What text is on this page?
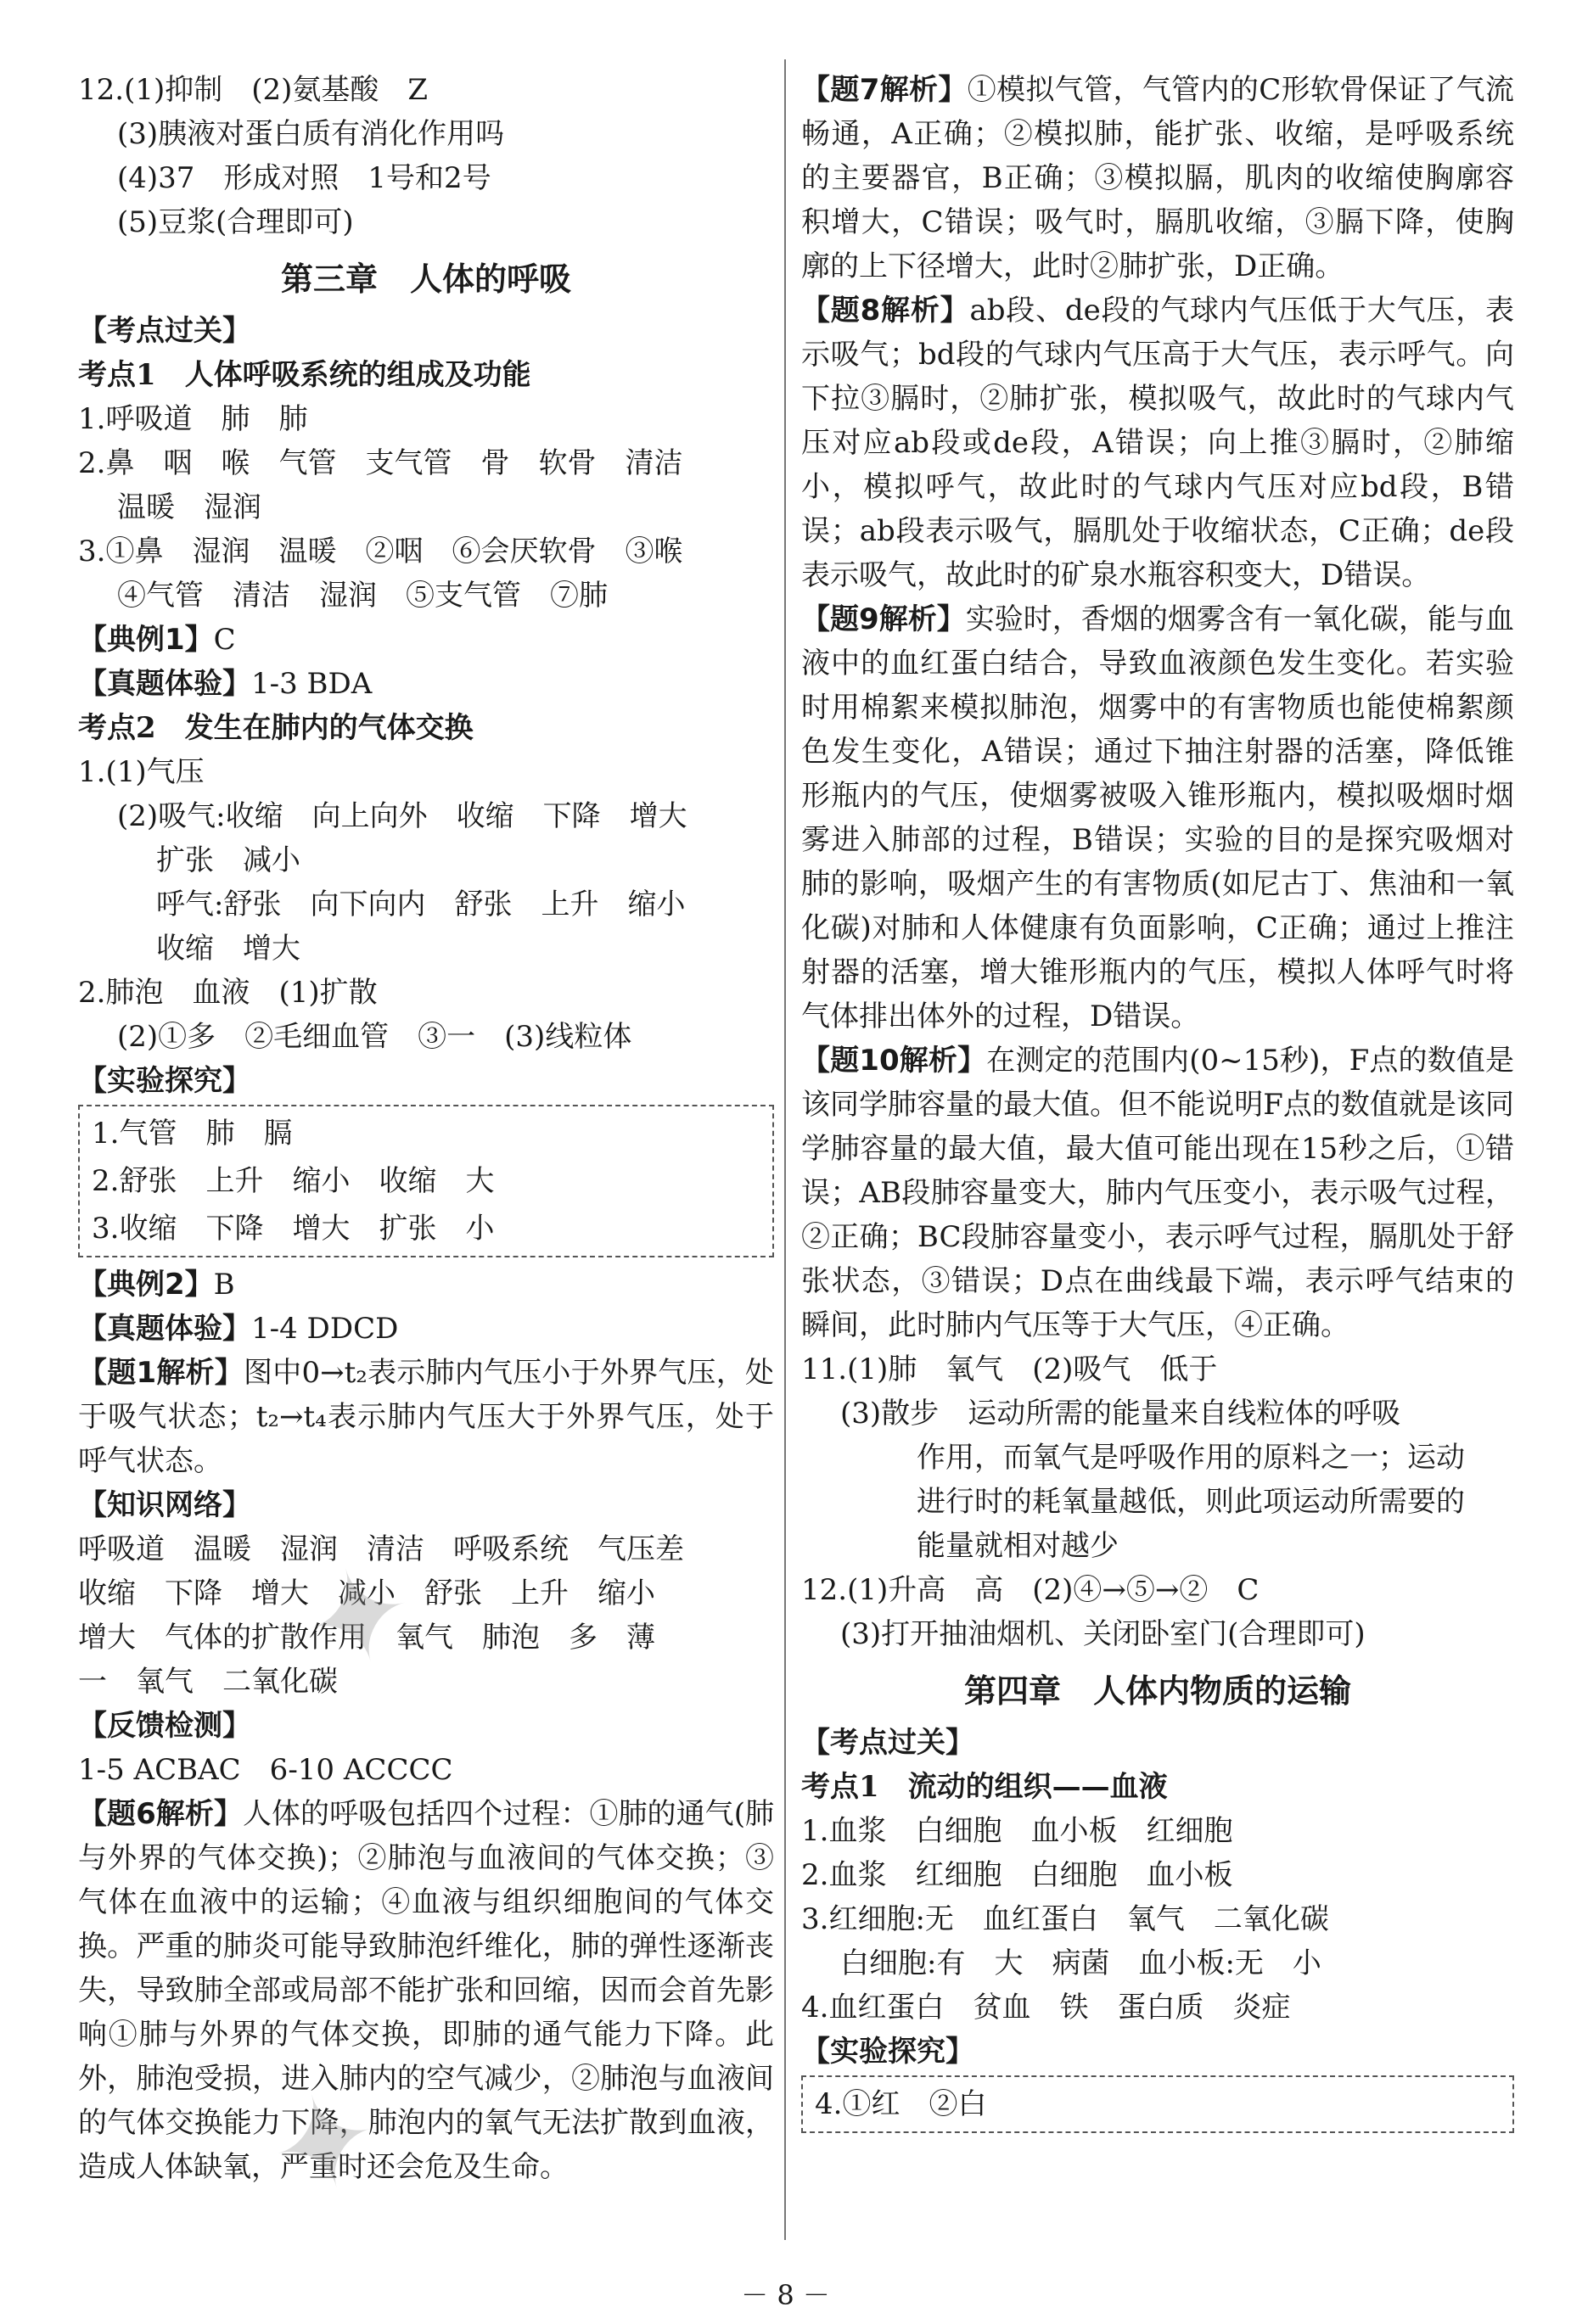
12.(1)抑制　(2)氨基酸　Z
(3)胰液对蛋白质有消化作用吗
(4)37　形成对照　1号和2号
(5)豆浆(合理即可)
第三章　人体的呼吸
【考点过关】
考点1　人体呼吸系统的组成及功能
1.呼吸道　肺　肺
2.鼻　咽　喉　气管　支气管　骨　软骨　清洁
温暖　湿润
3.①鼻　湿润　温暖　②咽　⑥会厌软骨　③喉
④气管　清洁　湿润　⑤支气管　⑦肺
【典例1】C
【真题体验】1-3 BDA
考点2　发生在肺内的气体交换
1.(1)气压
(2)吸气:收缩　向上向外　收缩　下降　增大
扩张　减小
呼气:舒张　向下向内　舒张　上升　缩小
收缩　增大
2.肺泡　血液　(1)扩散
(2)①多　②毛细血管　③一　(3)线粒体
【实验探究】
1.气管　肺　膈
2.舒张　上升　缩小　收缩　大
3.收缩　下降　增大　扩张　小
【典例2】B
【真题体验】1-4 DDCD
【题1解析】图中0→t₂表示肺内气压小于外界气压，处于吸气状态；t₂→t₄表示肺内气压大于外界气压，处于呼气状态。
【知识网络】
呼吸道　温暖　湿润　清洁　呼吸系统　气压差
收缩　下降　增大　减小　舒张　上升　缩小
增大　气体的扩散作用　氧气　肺泡　多　薄
一　氧气　二氧化碳
【反馈检测】
1-5 ACBAC　6-10 ACCCC
【题6解析】人体的呼吸包括四个过程：①肺的通气(肺与外界的气体交换)；②肺泡与血液间的气体交换；③气体在血液中的运输；④血液与组织细胞间的气体交换。严重的肺炎可能导致肺泡纤维化，肺的弹性逐渐丧失，导致肺全部或局部不能扩张和回缩，因而会首先影响①肺与外界的气体交换，即肺的通气能力下降。此外，肺泡受损，进入肺内的空气减少，②肺泡与血液间的气体交换能力下降，肺泡内的氧气无法扩散到血液，造成人体缺氧，严重时还会危及生命。
【题7解析】①模拟气管，气管内的C形软骨保证了气流畅通，A正确；②模拟肺，能扩张、收缩，是呼吸系统的主要器官，B正确；③模拟膈，肌肉的收缩使胸廓容积增大，C错误；吸气时，膈肌收缩，③膈下降，使胸廓的上下径增大，此时②肺扩张，D正确。
【题8解析】ab段、de段的气球内气压低于大气压，表示吸气；bd段的气球内气压高于大气压，表示呼气。向下拉③膈时，②肺扩张，模拟吸气，故此时的气球内气压对应ab段或de段，A错误；向上推③膈时，②肺缩小，模拟呼气，故此时的气球内气压对应bd段，B错误；ab段表示吸气，膈肌处于收缩状态，C正确；de段表示吸气，故此时的矿泉水瓶容积变大，D错误。
【题9解析】实验时，香烟的烟雾含有一氧化碳，能与血液中的血红蛋白结合，导致血液颜色发生变化。若实验时用棉絮来模拟肺泡，烟雾中的有害物质也能使棉絮颜色发生变化，A错误；通过下抽注射器的活塞，降低锥形瓶内的气压，使烟雾被吸入锥形瓶内，模拟吸烟时烟雾进入肺部的过程，B错误；实验的目的是探究吸烟对肺的影响，吸烟产生的有害物质(如尼古丁、焦油和一氧化碳)对肺和人体健康有负面影响，C正确；通过上推注射器的活塞，增大锥形瓶内的气压，模拟人体呼气时将气体排出体外的过程，D错误。
【题10解析】在测定的范围内(0~15秒)，F点的数值是该同学肺容量的最大值。但不能说明F点的数值就是该同学肺容量的最大值，最大值可能出现在15秒之后，①错误；AB段肺容量变大，肺内气压变小，表示吸气过程，②正确；BC段肺容量变小，表示呼气过程，膈肌处于舒张状态，③错误；D点在曲线最下端，表示呼气结束的瞬间，此时肺内气压等于大气压，④正确。
11.(1)肺　氧气　(2)吸气　低于
(3)散步　运动所需的能量来自线粒体的呼吸
作用，而氧气是呼吸作用的原料之一；运动
进行时的耗氧量越低，则此项运动所需要的
能量就相对越少
12.(1)升高　高　(2)④→⑤→②　C
(3)打开抽油烟机、关闭卧室门(合理即可)
第四章　人体内物质的运输
【考点过关】
考点1　流动的组织——血液
1.血浆　白细胞　血小板　红细胞
2.血浆　红细胞　白细胞　血小板
3.红细胞:无　血红蛋白　氧气　二氧化碳
白细胞:有　大　病菌　血小板:无　小
4.血红蛋白　贫血　铁　蛋白质　炎症
【实验探究】
4.①红　②白
✦
✦
－ 8 －
